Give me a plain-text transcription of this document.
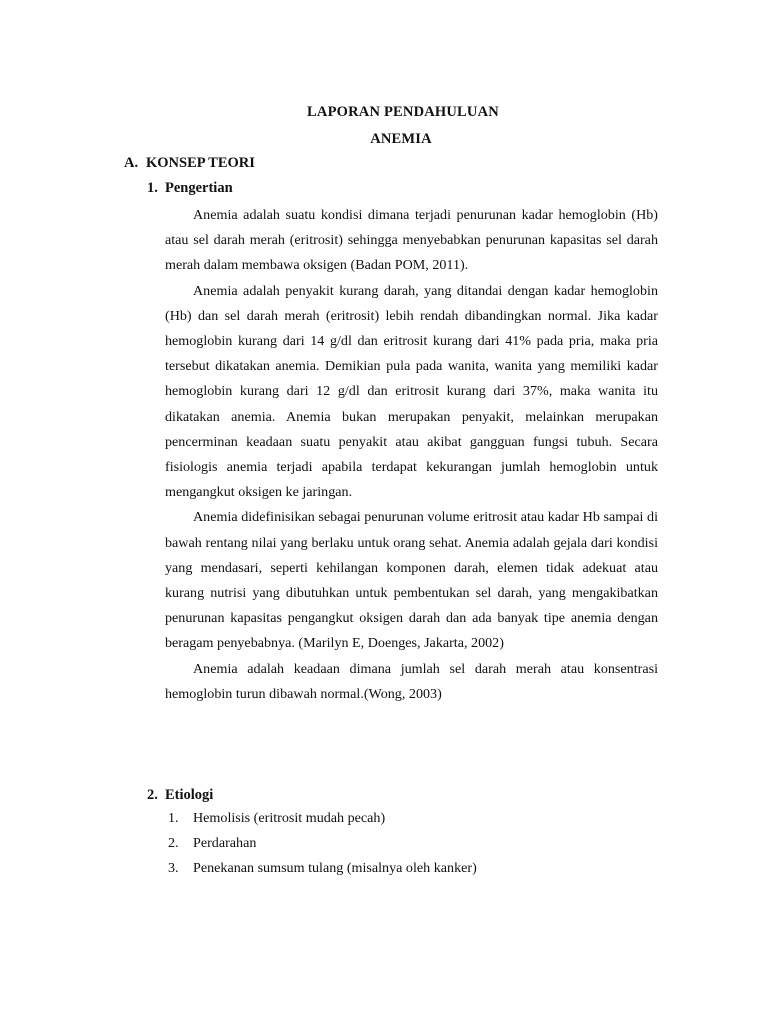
LAPORAN PENDAHULUAN
ANEMIA
A. KONSEP TEORI
1. Pengertian

Anemia adalah suatu kondisi dimana terjadi penurunan kadar hemoglobin (Hb) atau sel darah merah (eritrosit) sehingga menyebabkan penurunan kapasitas sel darah merah dalam membawa oksigen (Badan POM, 2011).

Anemia adalah penyakit kurang darah, yang ditandai dengan kadar hemoglobin (Hb) dan sel darah merah (eritrosit) lebih rendah dibandingkan normal. Jika kadar hemoglobin kurang dari 14 g/dl dan eritrosit kurang dari 41% pada pria, maka pria tersebut dikatakan anemia. Demikian pula pada wanita, wanita yang memiliki kadar hemoglobin kurang dari 12 g/dl dan eritrosit kurang dari 37%, maka wanita itu dikatakan anemia. Anemia bukan merupakan penyakit, melainkan merupakan pencerminan keadaan suatu penyakit atau akibat gangguan fungsi tubuh. Secara fisiologis anemia terjadi apabila terdapat kekurangan jumlah hemoglobin untuk mengangkut oksigen ke jaringan.

Anemia didefinisikan sebagai penurunan volume eritrosit atau kadar Hb sampai di bawah rentang nilai yang berlaku untuk orang sehat. Anemia adalah gejala dari kondisi yang mendasari, seperti kehilangan komponen darah, elemen tidak adekuat atau kurang nutrisi yang dibutuhkan untuk pembentukan sel darah, yang mengakibatkan penurunan kapasitas pengangkut oksigen darah dan ada banyak tipe anemia dengan beragam penyebabnya. (Marilyn E, Doenges, Jakarta, 2002)

Anemia adalah keadaan dimana jumlah sel darah merah atau konsentrasi hemoglobin turun dibawah normal.(Wong, 2003)

2. Etiologi
1. Hemolisis (eritrosit mudah pecah)
2. Perdarahan
3. Penekanan sumsum tulang (misalnya oleh kanker)
